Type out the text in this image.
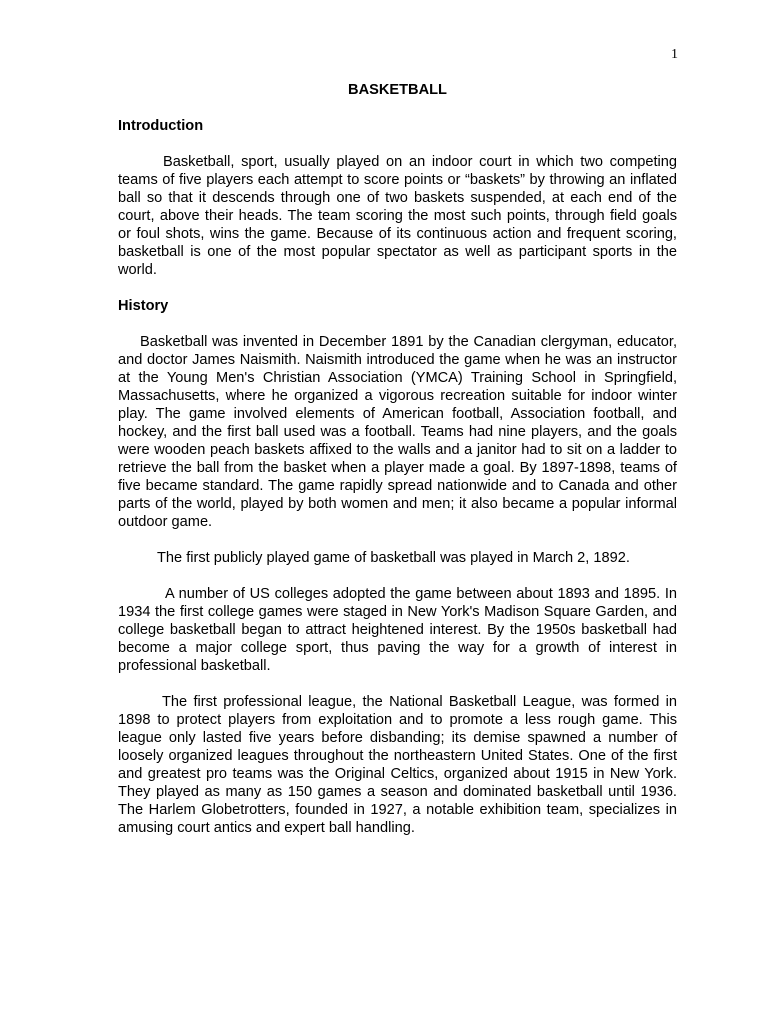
1
BASKETBALL
Introduction

Basketball, sport, usually played on an indoor court in which two competing teams of five players each attempt to score points or “baskets” by throwing an inflated ball so that it descends through one of two baskets suspended, at each end of the court, above their heads. The team scoring the most such points, through field goals or foul shots, wins the game. Because of its continuous action and frequent scoring, basketball is one of the most popular spectator as well as participant sports in the world.

History

Basketball was invented in December 1891 by the Canadian clergyman, educator, and doctor James Naismith. Naismith introduced the game when he was an instructor at the Young Men's Christian Association (YMCA) Training School in Springfield, Massachusetts, where he organized a vigorous recreation suitable for indoor winter play. The game involved elements of American football, Association football, and hockey, and the first ball used was a football. Teams had nine players, and the goals were wooden peach baskets affixed to the walls and a janitor had to sit on a ladder to retrieve the ball from the basket when a player made a goal. By 1897-1898, teams of five became standard. The game rapidly spread nationwide and to Canada and other parts of the world, played by both women and men; it also became a popular informal outdoor game.

The first publicly played game of basketball was played in March 2, 1892.

A number of US colleges adopted the game between about 1893 and 1895. In 1934 the first college games were staged in New York's Madison Square Garden, and college basketball began to attract heightened interest. By the 1950s basketball had become a major college sport, thus paving the way for a growth of interest in professional basketball.

The first professional league, the National Basketball League, was formed in 1898 to protect players from exploitation and to promote a less rough game. This league only lasted five years before disbanding; its demise spawned a number of loosely organized leagues throughout the northeastern United States. One of the first and greatest pro teams was the Original Celtics, organized about 1915 in New York. They played as many as 150 games a season and dominated basketball until 1936. The Harlem Globetrotters, founded in 1927, a notable exhibition team, specializes in amusing court antics and expert ball handling.
